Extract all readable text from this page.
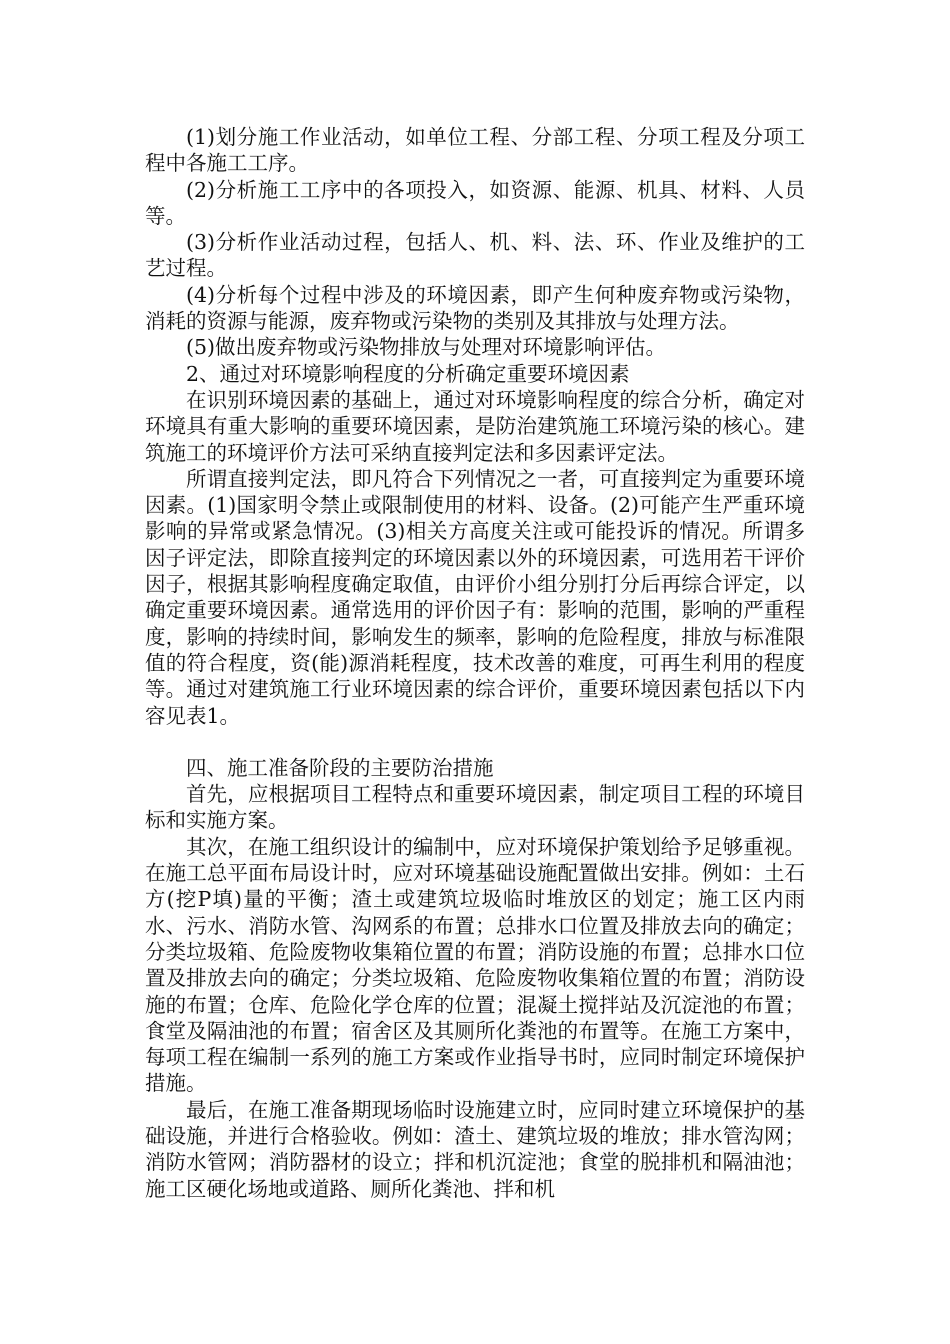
(1)划分施工作业活动，如单位工程、分部工程、分项工程及分项工程中各施工工序。

(2)分析施工工序中的各项投入，如资源、能源、机具、材料、人员等。

(3)分析作业活动过程，包括人、机、料、法、环、作业及维护的工艺过程。

(4)分析每个过程中涉及的环境因素，即产生何种废弃物或污染物，消耗的资源与能源，废弃物或污染物的类别及其排放与处理方法。

(5)做出废弃物或污染物排放与处理对环境影响评估。

2、通过对环境影响程度的分析确定重要环境因素

在识别环境因素的基础上，通过对环境影响程度的综合分析，确定对环境具有重大影响的重要环境因素，是防治建筑施工环境污染的核心。建筑施工的环境评价方法可采纳直接判定法和多因素评定法。

所谓直接判定法，即凡符合下列情况之一者，可直接判定为重要环境因素。(1)国家明令禁止或限制使用的材料、设备。(2)可能产生严重环境影响的异常或紧急情况。(3)相关方高度关注或可能投诉的情况。所谓多因子评定法，即除直接判定的环境因素以外的环境因素，可选用若干评价因子，根据其影响程度确定取值，由评价小组分别打分后再综合评定，以确定重要环境因素。通常选用的评价因子有：影响的范围，影响的严重程度，影响的持续时间，影响发生的频率，影响的危险程度，排放与标准限值的符合程度，资(能)源消耗程度，技术改善的难度，可再生利用的程度等。通过对建筑施工行业环境因素的综合评价，重要环境因素包括以下内容见表1。

四、施工准备阶段的主要防治措施

首先，应根据项目工程特点和重要环境因素，制定项目工程的环境目标和实施方案。

其次，在施工组织设计的编制中，应对环境保护策划给予足够重视。在施工总平面布局设计时，应对环境基础设施配置做出安排。例如：土石方(挖P填)量的平衡；渣土或建筑垃圾临时堆放区的划定；施工区内雨水、污水、消防水管、沟网系的布置；总排水口位置及排放去向的确定；分类垃圾箱、危险废物收集箱位置的布置；消防设施的布置；总排水口位置及排放去向的确定；分类垃圾箱、危险废物收集箱位置的布置；消防设施的布置；仓库、危险化学仓库的位置；混凝土搅拌站及沉淀池的布置；食堂及隔油池的布置；宿舍区及其厕所化粪池的布置等。在施工方案中，每项工程在编制一系列的施工方案或作业指导书时，应同时制定环境保护措施。

最后，在施工准备期现场临时设施建立时，应同时建立环境保护的基础设施，并进行合格验收。例如：渣土、建筑垃圾的堆放；排水管沟网；消防水管网；消防器材的设立；拌和机沉淀池；食堂的脱排机和隔油池；施工区硬化场地或道路、厕所化粪池、拌和机
